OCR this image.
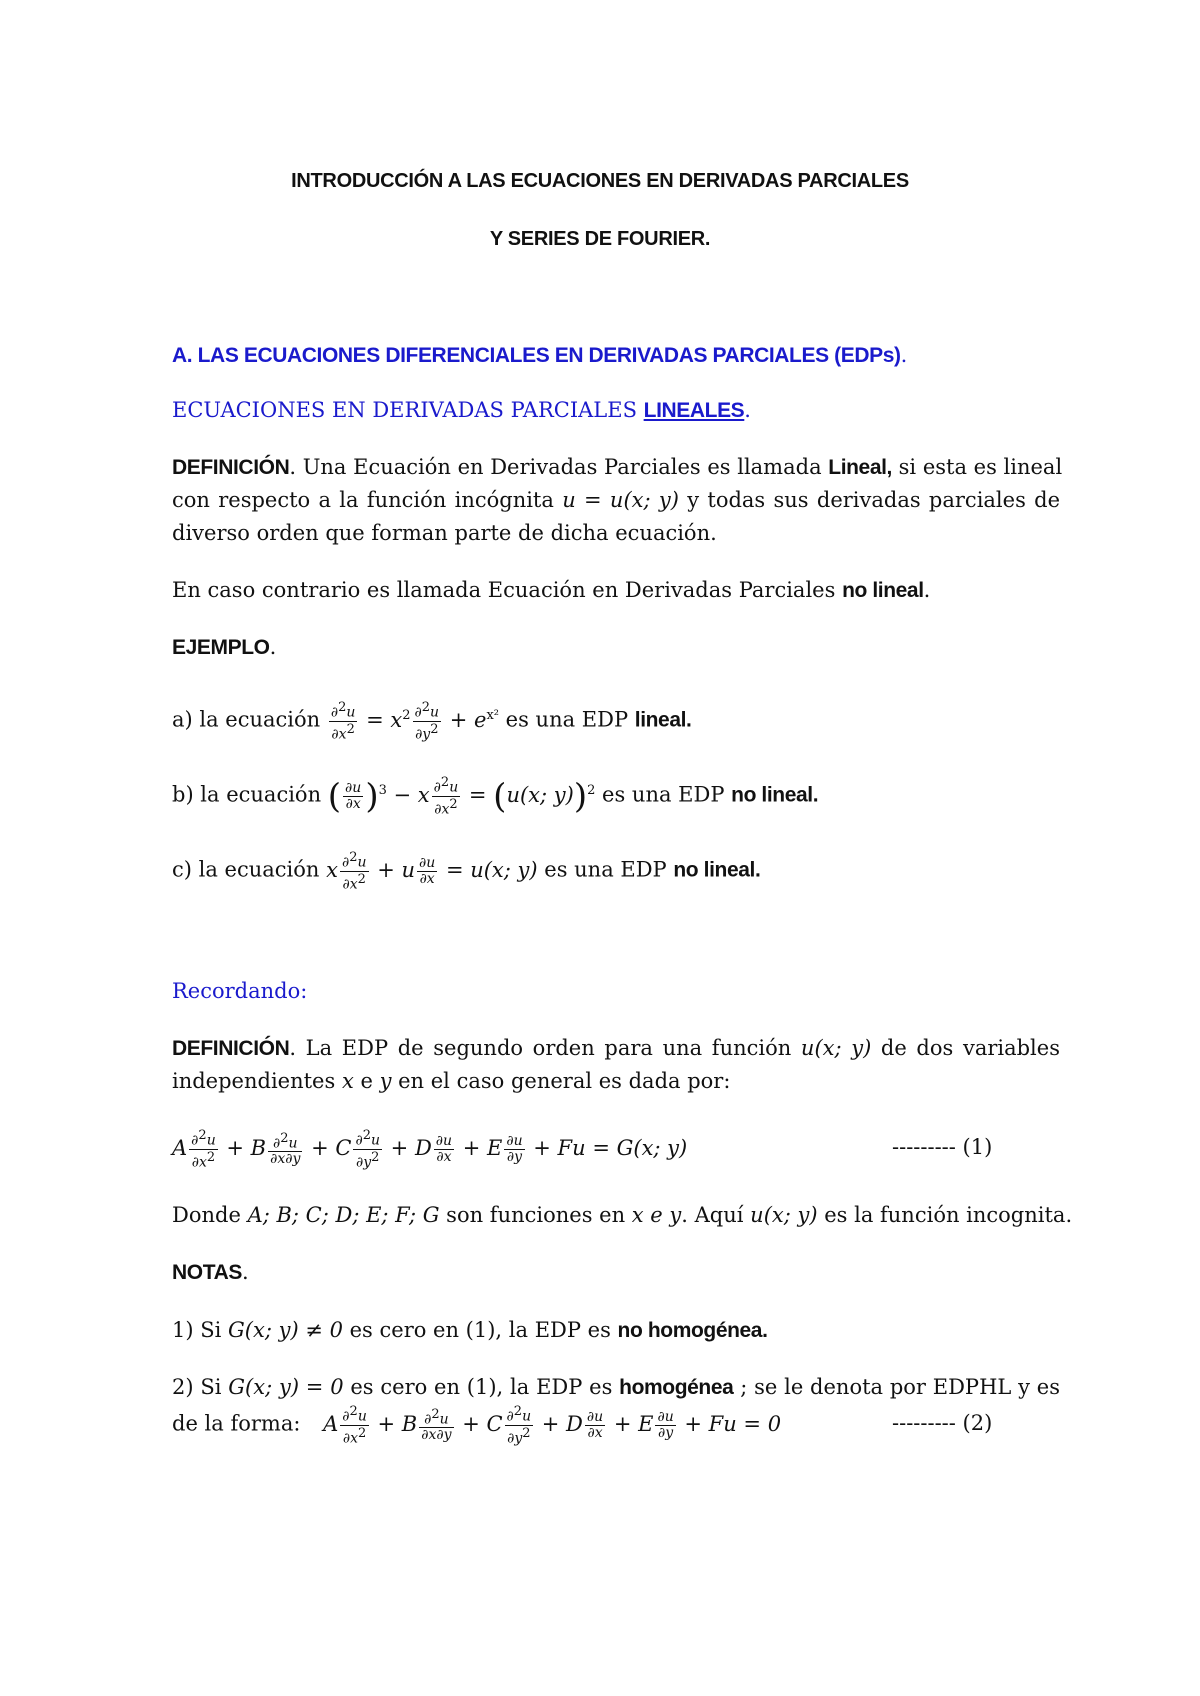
INTRODUCCIÓN A LAS ECUACIONES EN DERIVADAS PARCIALES
Y SERIES DE FOURIER.
A. LAS ECUACIONES DIFERENCIALES EN DERIVADAS PARCIALES (EDPs).
ECUACIONES EN DERIVADAS PARCIALES LINEALES.
DEFINICIÓN. Una Ecuación en Derivadas Parciales es llamada Lineal, si esta es lineal
con respecto a la función incógnita u = u(x; y) y todas sus derivadas parciales de
diverso orden que forman parte de dicha ecuación.
En caso contrario es llamada Ecuación en Derivadas Parciales no lineal.
EJEMPLO.
a) la ecuación $\frac{\partial 2u}{\partial x2} = x^2 \frac{\partial 2u}{\partial y2} + e^{x^2}$ es una EDP lineal.
b) la ecuación ( $\frac{\partial u}{\partial x} )^3 - x \frac{\partial 2u}{\partial x2} = (u(x$; y))$^2$ es una EDP no lineal.
c) la ecuación x $\frac{\partial 2u}{\partial x2} + u \frac{\partial u}{\partial x} = u(x$; y) es una EDP no lineal.
Recordando:
DEFINICIÓN. La EDP de segundo orden para una función u(x; y) de dos variables
independientes x e y en el caso general es dada por:
A $\frac{\partial 2u}{\partial x2} + B \frac{\partial 2u}{\partial x\partial y} + C \frac{\partial 2u}{\partial y2} + D \frac{\partial u}{\partial x} + E \frac{\partial u}{\partial y} + Fu = G(x$; y)	--------- (1)
Donde A; B; C; D; E; F; G son funciones en x e y. Aquí u(x; y) es la función incognita.
NOTAS.
1) Si G(x; y) ≠ 0 es cero en (1), la EDP es no homogénea.
2) Si G(x; y) = 0 es cero en (1), la EDP es homogénea ; se le denota por EDPHL y es
de la forma: A $\frac{\partial 2u}{\partial x2} + B \frac{\partial 2u}{\partial x\partial y} + C \frac{\partial 2u}{\partial y2} + D \frac{\partial u}{\partial x} + E \frac{\partial u}{\partial y} + Fu = 0$	--------- (2)
